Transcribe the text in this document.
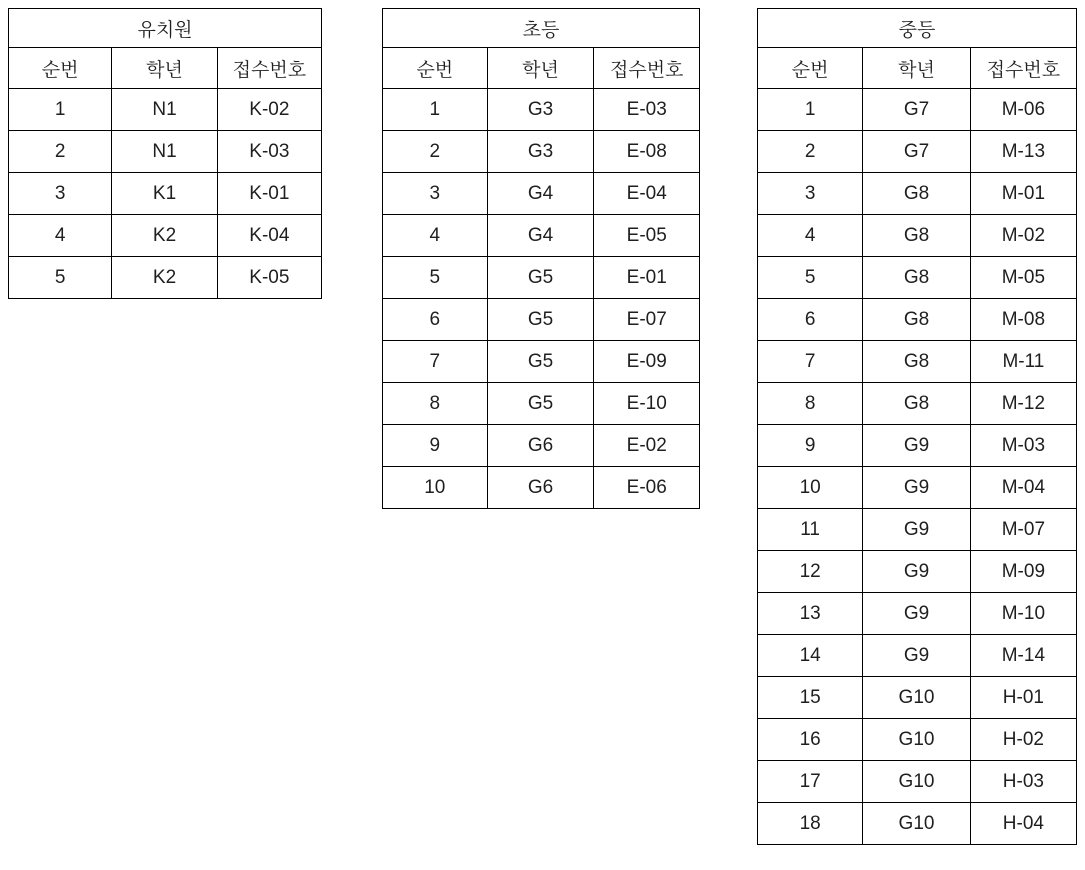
유치원		
순번	학년	접수번호
1	N1	K-02
2	N1	K-03
3	K1	K-01
4	K2	K-04
5	K2	K-05
초등		
순번	학년	접수번호
1	G3	E-03
2	G3	E-08
3	G4	E-04
4	G4	E-05
5	G5	E-01
6	G5	E-07
7	G5	E-09
8	G5	E-10
9	G6	E-02
10	G6	E-06
중등		
순번	학년	접수번호
1	G7	M-06
2	G7	M-13
3	G8	M-01
4	G8	M-02
5	G8	M-05
6	G8	M-08
7	G8	M-11
8	G8	M-12
9	G9	M-03
10	G9	M-04
11	G9	M-07
12	G9	M-09
13	G9	M-10
14	G9	M-14
15	G10	H-01
16	G10	H-02
17	G10	H-03
18	G10	H-04
